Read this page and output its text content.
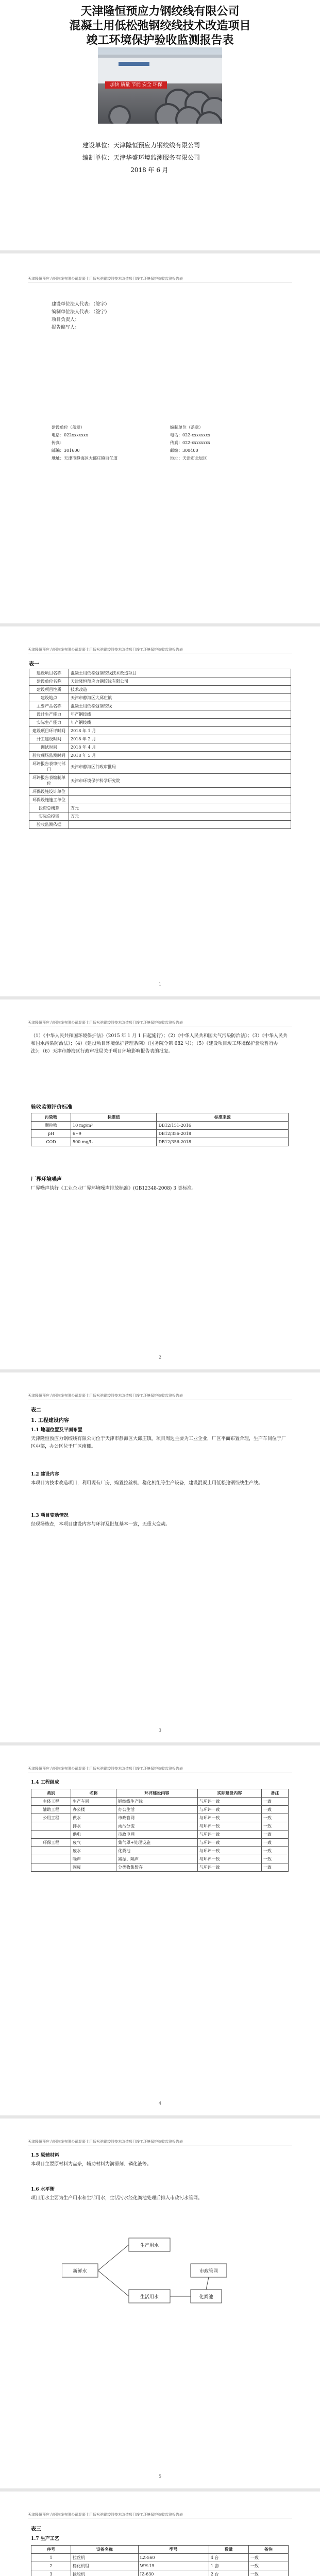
天津隆恒预应力钢绞线有限公司
混凝土用低松弛钢绞线技术改造项目
竣工环境保护验收监测报告表
加快 质量 节能 安全 环保
建设单位：天津隆恒预应力钢绞线有限公司
编制单位：天津华盛环境监测服务有限公司
2018 年 6 月
天津隆恒预应力钢绞线有限公司混凝土用低松弛钢绞线技术改造项目竣工环境保护验收监测报告表
建设单位法人代表：（签字）
编制单位法人代表：（签字）
项目负责人：
报告编写人：
建设单位（盖章）
电话：022xxxxxxx
传真：
邮编：301600
地址：天津市静海区大邱庄镇百亿道
编制单位（盖章）
电话：022-xxxxxxxx
传真：022-xxxxxxxx
邮编：300400
地址：天津市北辰区
天津隆恒预应力钢绞线有限公司混凝土用低松弛钢绞线技术改造项目竣工环境保护验收监测报告表
表一
建设项目名称	混凝土用低松弛钢绞线技术改造项目
建设单位名称	天津隆恒预应力钢绞线有限公司
建设项目性质	技术改造
建设地点	天津市静海区大邱庄镇
主要产品名称	混凝土用低松弛钢绞线
设计生产能力	年产钢绞线
实际生产能力	年产钢绞线
建设项目环评时间	2018 年 1 月
开工建设时间	2018 年 2 月
调试时间	2018 年 4 月
验收现场监测时间	2018 年 5 月
环评报告表审批部门	天津市静海区行政审批局
环评报告表编制单位	天津市环境保护科学研究院
环保设施设计单位	
环保设施施工单位	
投资总概算	万元
实际总投资	万元
验收监测依据	
1
天津隆恒预应力钢绞线有限公司混凝土用低松弛钢绞线技术改造项目竣工环境保护验收监测报告表
（1）《中华人民共和国环境保护法》（2015 年 1 月 1 日起施行）；（2）《中华人民共和国大气污染防治法》；（3）《中华人民共和国水污染防治法》；（4）《建设项目环境保护管理条例》（国务院令第 682 号）；（5）《建设项目竣工环境保护验收暂行办法》；（6）天津市静海区行政审批局关于项目环境影响报告表的批复。
验收监测评价标准
污染物	标准值	标准来源
颗粒物	10 mg/m³	DB12/151-2016
pH	6~9	DB12/356-2018
COD	500 mg/L	DB12/356-2018
厂界环境噪声
厂界噪声执行《工业企业厂界环境噪声排放标准》(GB12348-2008) 3 类标准。
2
天津隆恒预应力钢绞线有限公司混凝土用低松弛钢绞线技术改造项目竣工环境保护验收监测报告表
表二
1. 工程建设内容
1.1 地理位置及平面布置
天津隆恒预应力钢绞线有限公司位于天津市静海区大邱庄镇。项目周边主要为工业企业，厂区平面布置合理，生产车间位于厂区中部，办公区位于厂区南侧。
1.2 建设内容
本项目为技术改造项目，利用现有厂房，购置拉丝机、稳化机组等生产设备，建设混凝土用低松弛钢绞线生产线。
1.3 项目变动情况
经现场核查，本项目建设内容与环评及批复基本一致，无重大变动。
3
天津隆恒预应力钢绞线有限公司混凝土用低松弛钢绞线技术改造项目竣工环境保护验收监测报告表
1.4 工程组成
类别	名称	环评建设内容	实际建设内容	备注
主体工程	生产车间	钢绞线生产线	与环评一致	一致
辅助工程	办公楼	办公生活	与环评一致	一致
公用工程	供水	市政管网	与环评一致	一致
	排水	雨污分流	与环评一致	一致
	供电	市政电网	与环评一致	一致
环保工程	废气	集气罩+处理设施	与环评一致	一致
	废水	化粪池	与环评一致	一致
	噪声	减振、隔声	与环评一致	一致
	固废	分类收集暂存	与环评一致	一致
4
天津隆恒预应力钢绞线有限公司混凝土用低松弛钢绞线技术改造项目竣工环境保护验收监测报告表
1.5 原辅材料
本项目主要原材料为盘条，辅助材料为润滑剂、磷化液等。
1.6 水平衡
项目用水主要为生产用水和生活用水，生活污水经化粪池处理后排入市政污水管网。
新鲜水
生产用水
生活用水	化粪池
市政管网
5
天津隆恒预应力钢绞线有限公司混凝土用低松弛钢绞线技术改造项目竣工环境保护验收监测报告表
表三
1.7 生产工艺
序号	设备名称	型号	数量	备注
1	拉丝机	LZ-560	4 台	一致
2	稳化机组	WH-15	1 套	一致
3	捻股机	JZ-630	2 台	一致
